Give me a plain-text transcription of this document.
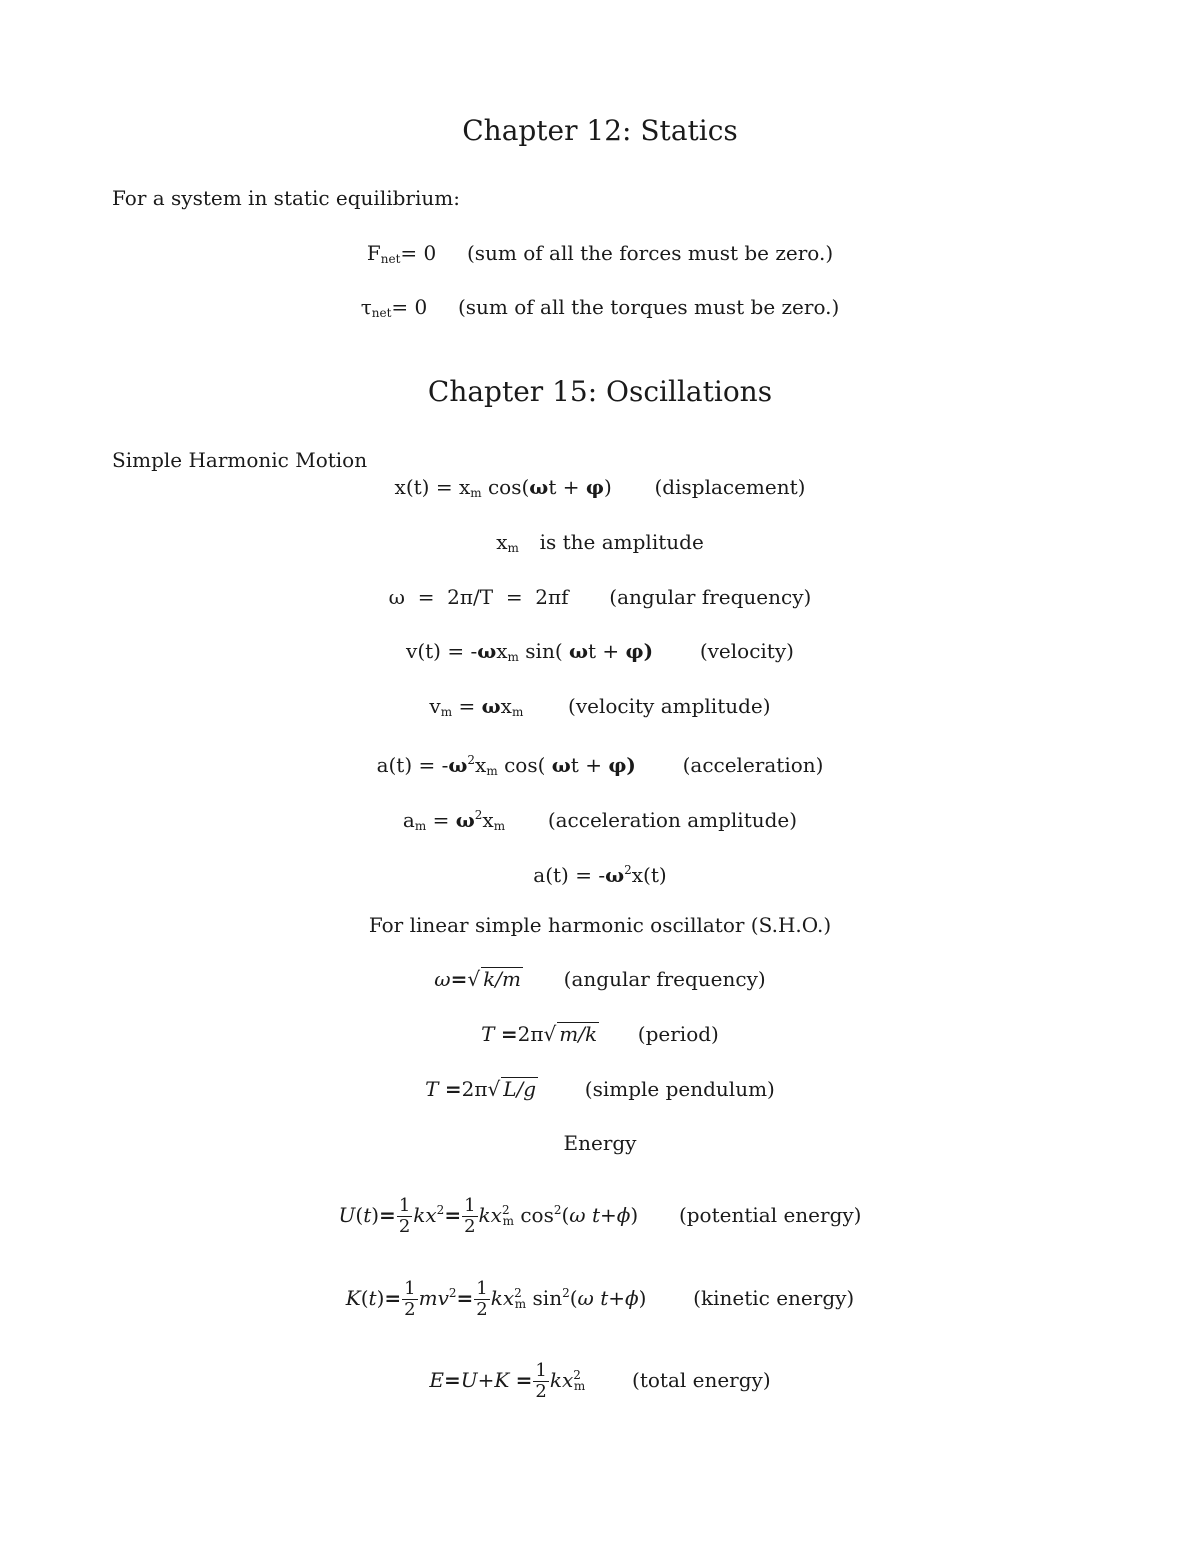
Chapter 12: Statics

For a system in static equilibrium:

$F_{net}= 0$ (sum of all the forces must be zero.)
$\tau_{net}= 0$ (sum of all the torques must be zero.)
Chapter 15: Oscillations

Simple Harmonic Motion

$x(t) = x_m$ cos(ωt + φ) (displacement)
$x_m$ is the amplitude
ω  =  2π/T  =  2πf (angular frequency)
$v(t) = -\omega x_m$ sin( ωt + φ) (velocity)
$v_m = \omega x_m$ (velocity amplitude)
$a(t) = -\omega^2x_m$ cos( ωt + φ) (acceleration)
$a_m = \omega^2x_m$ (acceleration amplitude)
$a(t) = -\omega^2x(t)$
For linear simple harmonic oscillator (S.H.O.)
ω=√ k/m (angular frequency)
T =2π√ m/k (period)
T =2π√ L/g (simple pendulum)
Energy
$U(t)= \frac{1}{2} kx^2= \frac{1}{2} kx^2_m$ $\cos^2(\omega$ t+ϕ) (potential energy)
$K(t)= \frac{1}{2} mv^2= \frac{1}{2} kx^2_m$ $\sin^2(\omega$ t+ϕ) (kinetic energy)
$E=U+K = \frac{1}{2} kx^2_m$ (total energy)
